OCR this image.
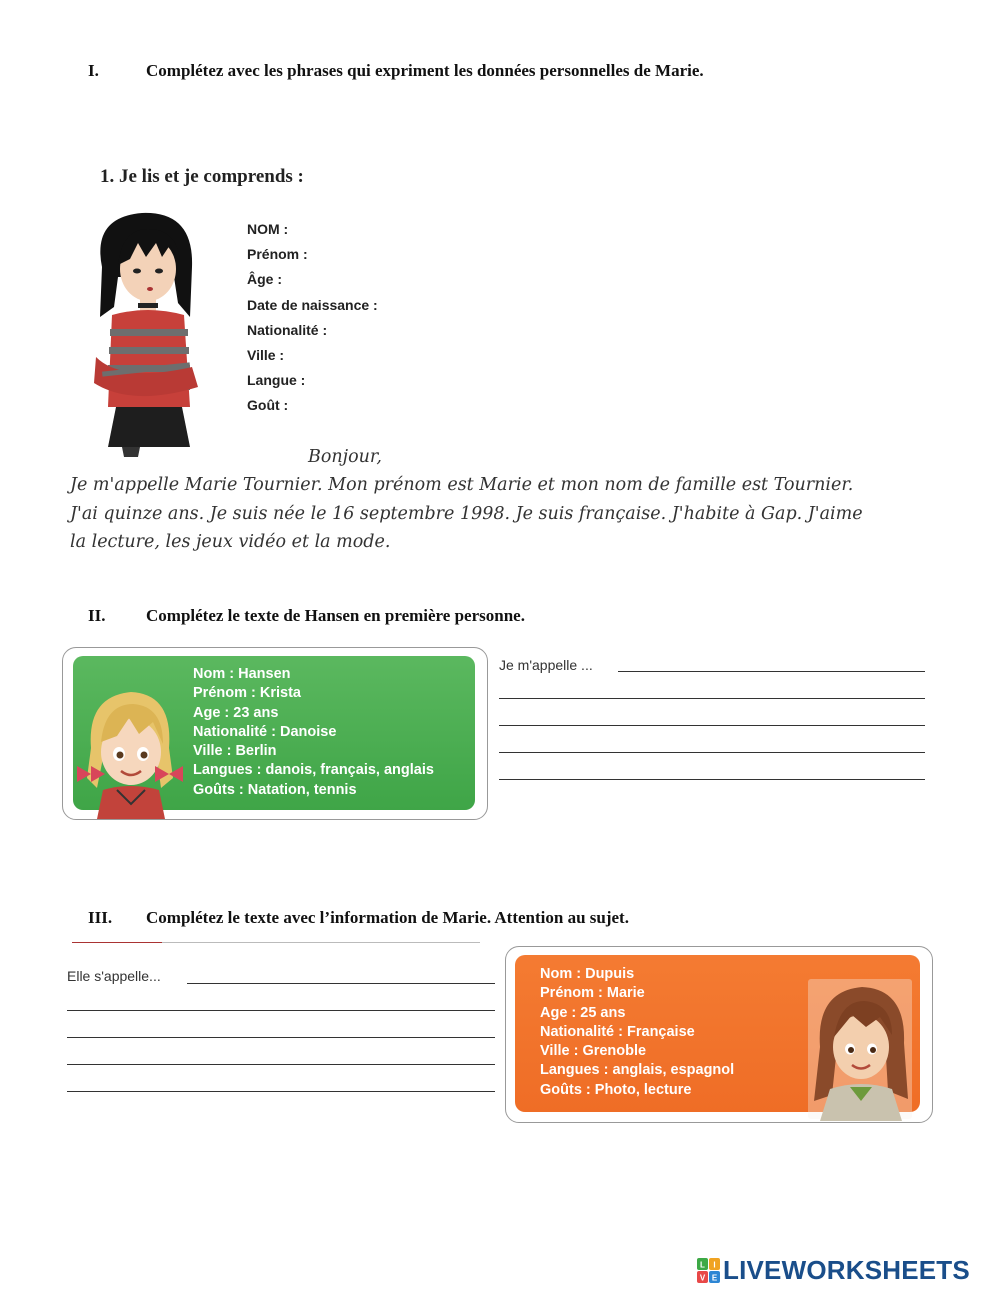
I.	Complétez avec les phrases qui expriment les données personnelles de Marie.
1. Je lis et je comprends :
NOM :
Prénom :
Âge :
Date de naissance :
Nationalité :
Ville :
Langue :
Goût :
Bonjour,
Je m'appelle Marie Tournier. Mon prénom est Marie et mon nom de famille est Tournier.
J'ai quinze ans. Je suis née le 16 septembre 1998. Je suis française. J'habite à Gap. J'aime
la lecture, les jeux vidéo et la mode.
II. Complétez le texte de Hansen en première personne.
Nom : Hansen
Prénom : Krista
Age : 23 ans
Nationalité : Danoise
Ville : Berlin
Langues : danois, français, anglais
Goûts : Natation, tennis
Je m'appelle ...
III. Complétez le texte avec l’information de Marie. Attention au sujet.
Elle s'appelle...	Nom : Dupuis
Prénom : Marie
Age : 25 ans
Nationalité : Française
Ville : Grenoble
Langues : anglais, espagnol
Goûts : Photo, lecture
L I
V E LIVEWORKSHEETS
